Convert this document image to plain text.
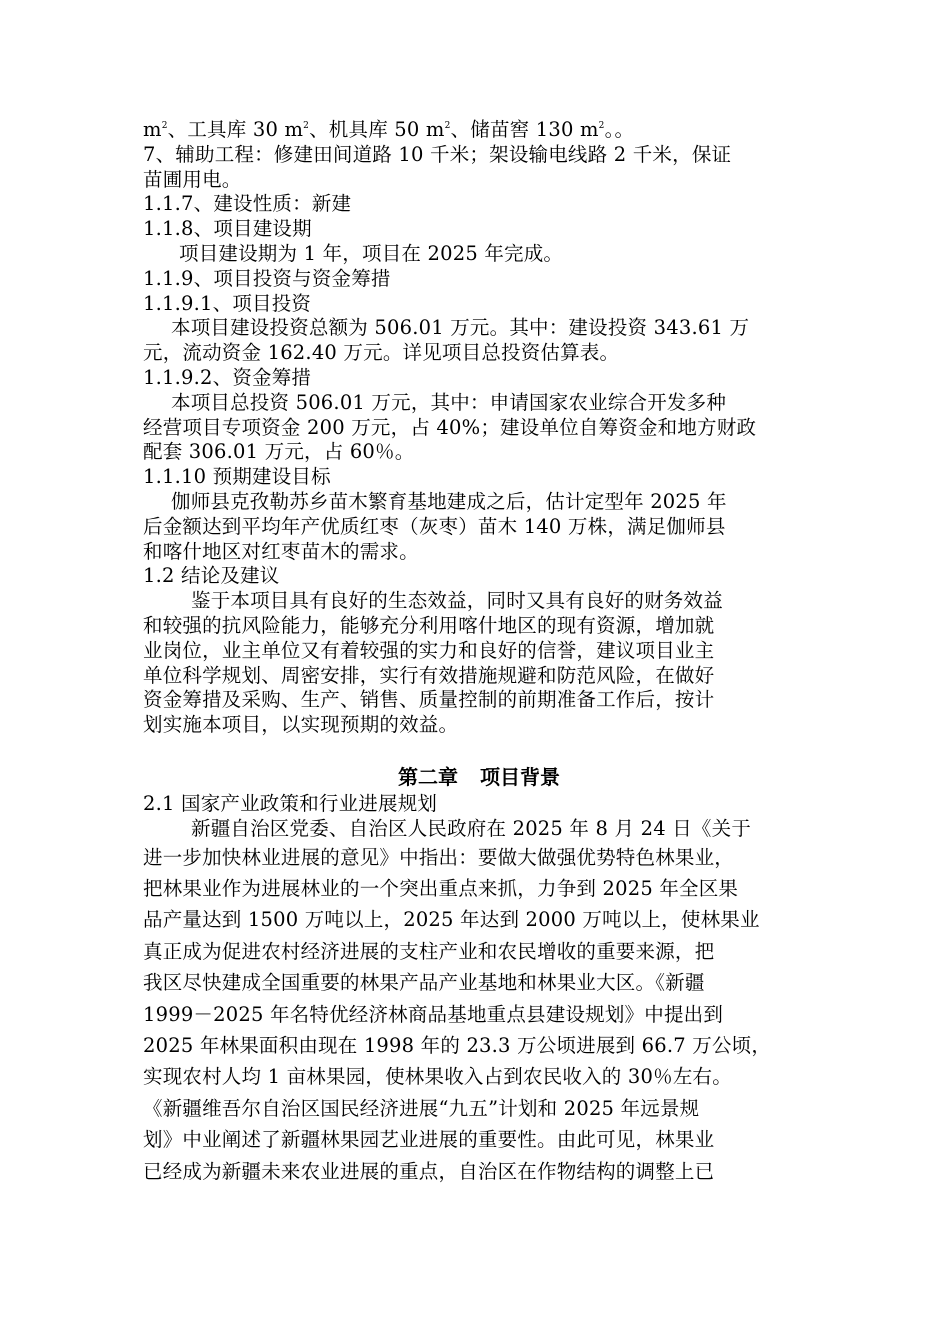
$m^2$、工具库 30 $m^2$、机具库 50 $m^2$、储苗窖 130 $m^2$。。

7、辅助工程：修建田间道路 10 千米；架设输电线路 2 千米，保证

苗圃用电。

1.1.7、建设性质：新建

1.1.8、项目建设期

项目建设期为 1 年，项目在 2025 年完成。

1.1.9、项目投资与资金筹措

1.1.9.1、项目投资

本项目建设投资总额为 506.01 万元。其中：建设投资 343.61 万

元，流动资金 162.40 万元。详见项目总投资估算表。

1.1.9.2、资金筹措

本项目总投资 506.01 万元，其中：申请国家农业综合开发多种

经营项目专项资金 200 万元，占 40%；建设单位自筹资金和地方财政

配套 306.01 万元，占 60％。

1.1.10 预期建设目标

伽师县克孜勒苏乡苗木繁育基地建成之后，估计定型年 2025 年

后金额达到平均年产优质红枣（灰枣）苗木 140 万株，满足伽师县

和喀什地区对红枣苗木的需求。

1.2 结论及建议

鉴于本项目具有良好的生态效益，同时又具有良好的财务效益

和较强的抗风险能力，能够充分利用喀什地区的现有资源，增加就

业岗位，业主单位又有着较强的实力和良好的信誉，建议项目业主

单位科学规划、周密安排，实行有效措施规避和防范风险，在做好

资金筹措及采购、生产、销售、质量控制的前期准备工作后，按计

划实施本项目，以实现预期的效益。

第二章 项目背景

2.1 国家产业政策和行业进展规划

新疆自治区党委、自治区人民政府在 2025 年 8 月 24 日《关于

进一步加快林业进展的意见》中指出：要做大做强优势特色林果业，

把林果业作为进展林业的一个突出重点来抓，力争到 2025 年全区果

品产量达到 1500 万吨以上，2025 年达到 2000 万吨以上，使林果业

真正成为促进农村经济进展的支柱产业和农民增收的重要来源，把

我区尽快建成全国重要的林果产品产业基地和林果业大区。《新疆

1999－2025 年名特优经济林商品基地重点县建设规划》中提出到

2025 年林果面积由现在 1998 年的 23.3 万公顷进展到 66.7 万公顷，

实现农村人均 1 亩林果园，使林果收入占到农民收入的 30％左右。

《新疆维吾尔自治区国民经济进展“九五”计划和 2025 年远景规

划》中业阐述了新疆林果园艺业进展的重要性。由此可见，林果业

已经成为新疆未来农业进展的重点，自治区在作物结构的调整上已
